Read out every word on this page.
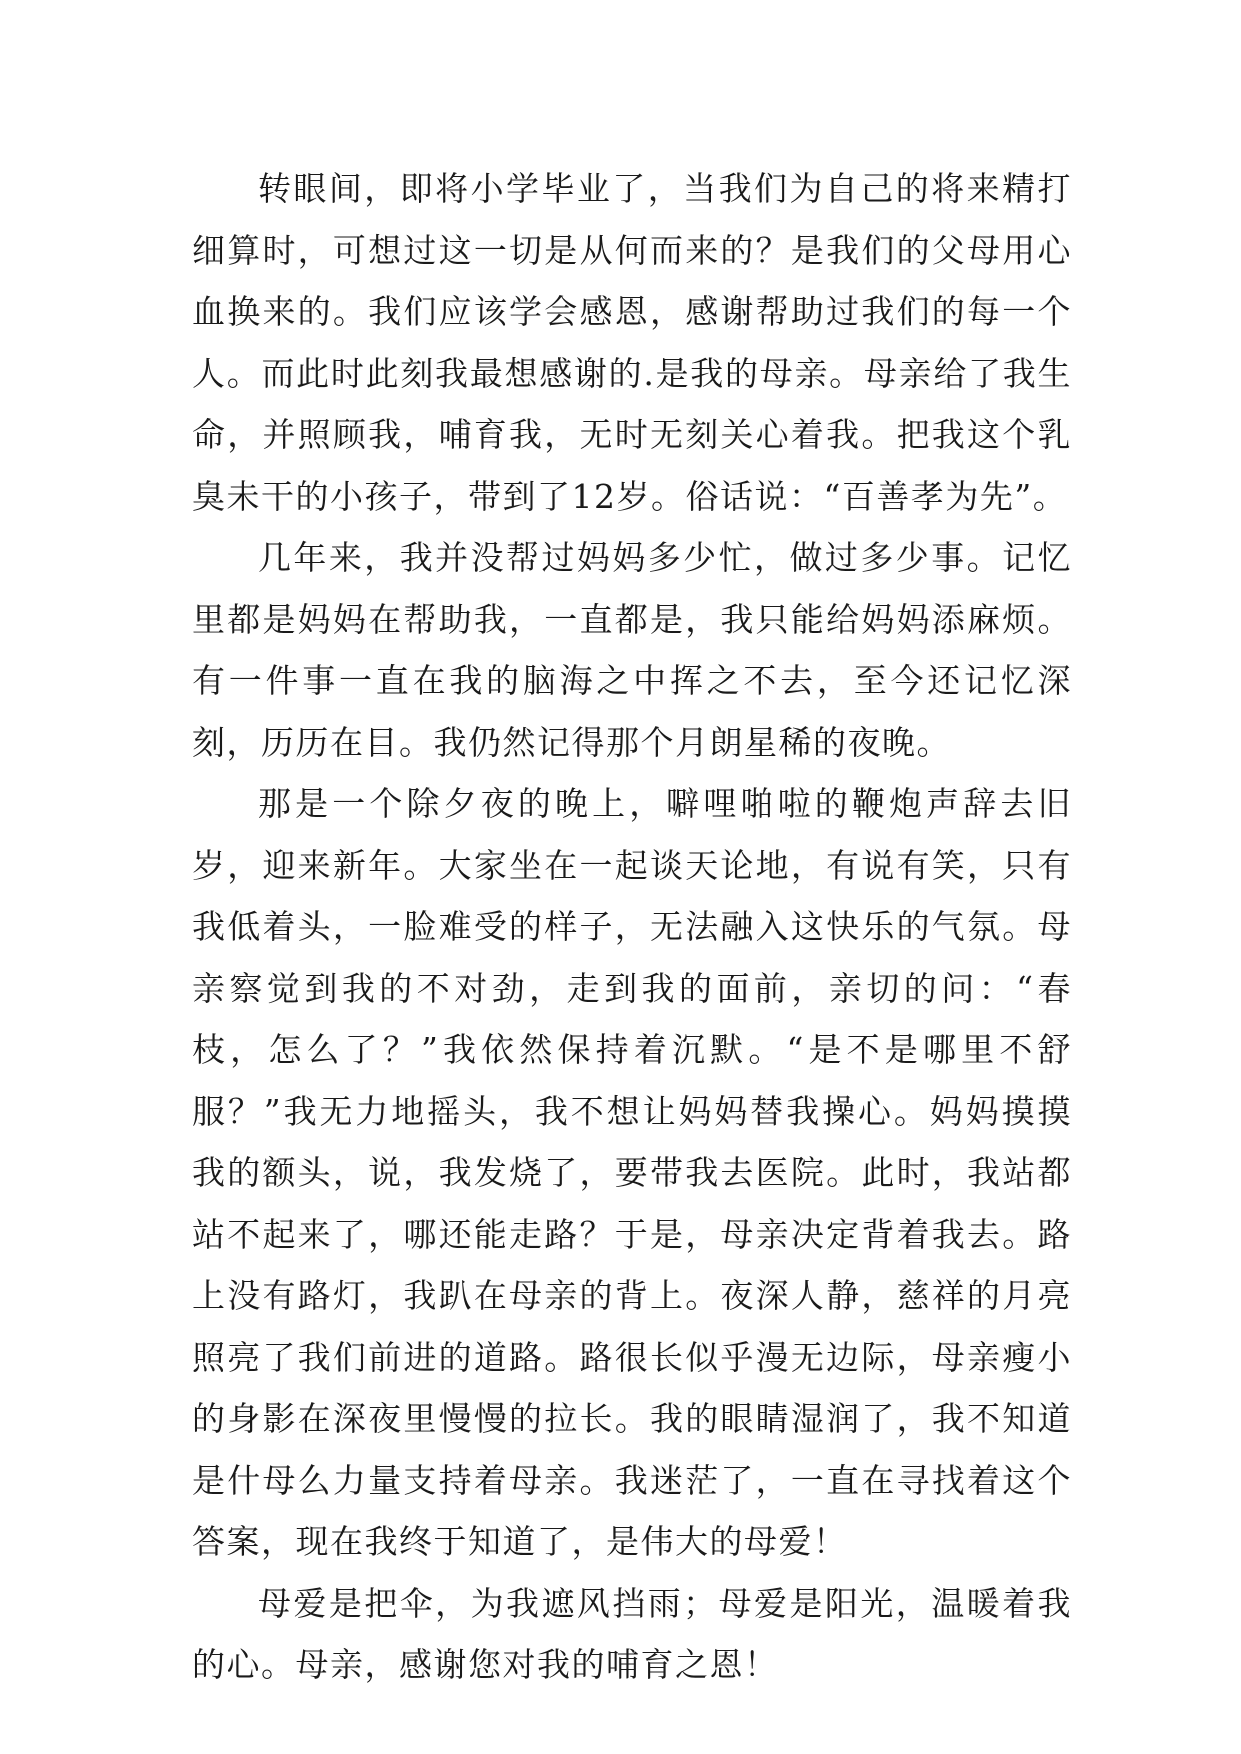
转眼间，即将小学毕业了，当我们为自己的将来精打细算时，可想过这一切是从何而来的？是我们的父母用心血换来的。我们应该学会感恩，感谢帮助过我们的每一个人。而此时此刻我最想感谢的.是我的母亲。母亲给了我生命，并照顾我，哺育我，无时无刻关心着我。把我这个乳臭未干的小孩子，带到了12岁。俗话说：“百善孝为先”。

几年来，我并没帮过妈妈多少忙，做过多少事。记忆里都是妈妈在帮助我，一直都是，我只能给妈妈添麻烦。有一件事一直在我的脑海之中挥之不去，至今还记忆深刻，历历在目。我仍然记得那个月朗星稀的夜晚。

那是一个除夕夜的晚上，噼哩啪啦的鞭炮声辞去旧岁，迎来新年。大家坐在一起谈天论地，有说有笑，只有我低着头，一脸难受的样子，无法融入这快乐的气氛。母亲察觉到我的不对劲，走到我的面前，亲切的问：“春枝，怎么了？”我依然保持着沉默。“是不是哪里不舒服？”我无力地摇头，我不想让妈妈替我操心。妈妈摸摸我的额头，说，我发烧了，要带我去医院。此时，我站都站不起来了，哪还能走路？于是，母亲决定背着我去。路上没有路灯，我趴在母亲的背上。夜深人静，慈祥的月亮照亮了我们前进的道路。路很长似乎漫无边际，母亲瘦小的身影在深夜里慢慢的拉长。我的眼睛湿润了，我不知道是什母么力量支持着母亲。我迷茫了，一直在寻找着这个答案，现在我终于知道了，是伟大的母爱！

母爱是把伞，为我遮风挡雨；母爱是阳光，温暖着我的心。母亲，感谢您对我的哺育之恩！
